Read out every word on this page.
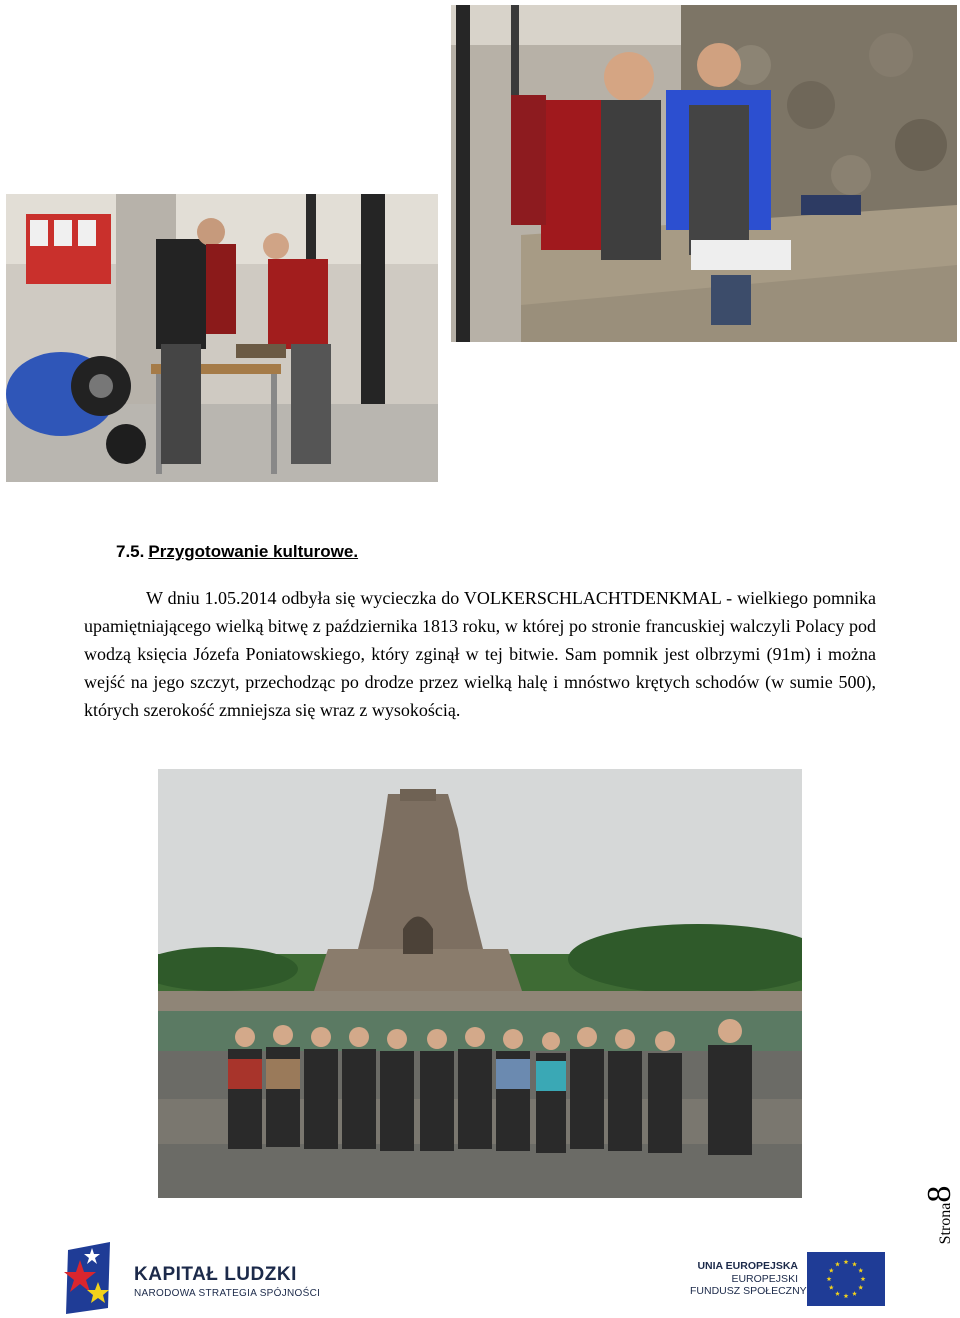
7.5. Przygotowanie kulturowe.

W dniu 1.05.2014 odbyła się wycieczka do VOLKERSCHLACHTDENKMAL - wielkiego pomnika upamiętniającego wielką bitwę z października 1813 roku, w której po stronie francuskiej walczyli Polacy pod wodzą księcia Józefa Poniatowskiego, który zginął w tej bitwie. Sam pomnik jest olbrzymi (91m) i można wejść na jego szczyt, przechodząc po drodze przez wielką halę i mnóstwo krętych schodów (w sumie 500), których szerokość zmniejsza się wraz z wysokością.

Strona8
KAPITAŁ LUDZKI
NARODOWA STRATEGIA SPÓJNOŚCI
UNIA EUROPEJSKA
EUROPEJSKI
FUNDUSZ SPOŁECZNY
